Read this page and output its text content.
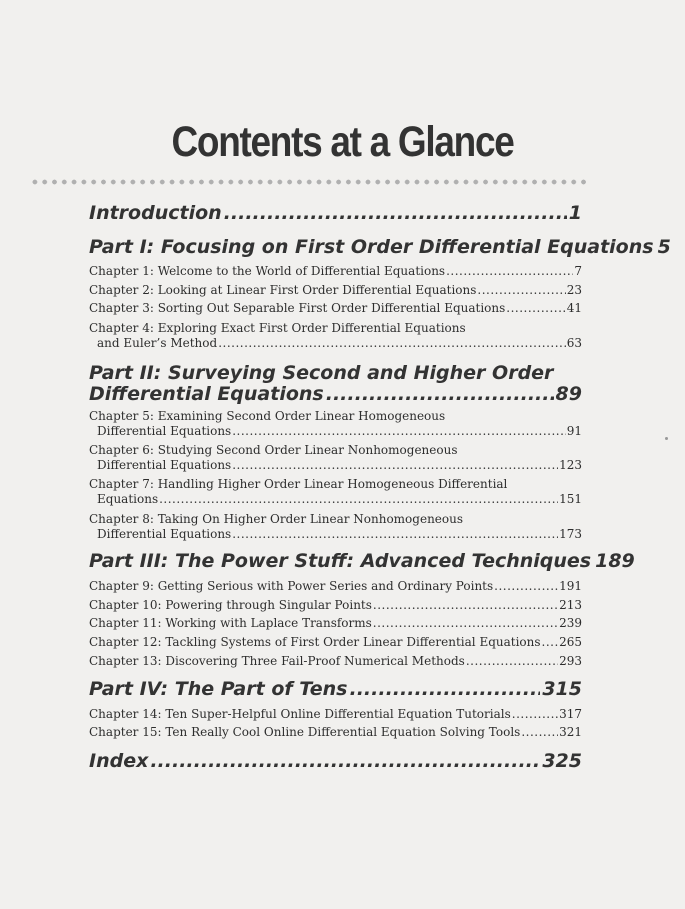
Contents at a Glance
Introduction .....	1
Part I: Focusing on First Order Differential Equations 5
Chapter 1: Welcome to the World of Differential Equations .....	7
Chapter 2: Looking at Linear First Order Differential Equations .....	23
Chapter 3: Sorting Out Separable First Order Differential Equations .....	41
Chapter 4: Exploring Exact First Order Differential Equations
and Euler’s Method .....	63
Part II: Surveying Second and Higher Order
Differential Equations .....	89
Chapter 5: Examining Second Order Linear Homogeneous
Differential Equations .....	91
Chapter 6: Studying Second Order Linear Nonhomogeneous
Differential Equations .....	123
Chapter 7: Handling Higher Order Linear Homogeneous Differential
Equations .....	151
Chapter 8: Taking On Higher Order Linear Nonhomogeneous
Differential Equations .....	173
Part III: The Power Stuff: Advanced Techniques 189
Chapter 9: Getting Serious with Power Series and Ordinary Points .....	191
Chapter 10: Powering through Singular Points .....	213
Chapter 11: Working with Laplace Transforms .....	239
Chapter 12: Tackling Systems of First Order Linear Differential Equations ..... 265
Chapter 13: Discovering Three Fail-Proof Numerical Methods .....	293
Part IV: The Part of Tens .....	315
Chapter 14: Ten Super-Helpful Online Differential Equation Tutorials .....	317
Chapter 15: Ten Really Cool Online Differential Equation Solving Tools .....	321
Index .....	325
